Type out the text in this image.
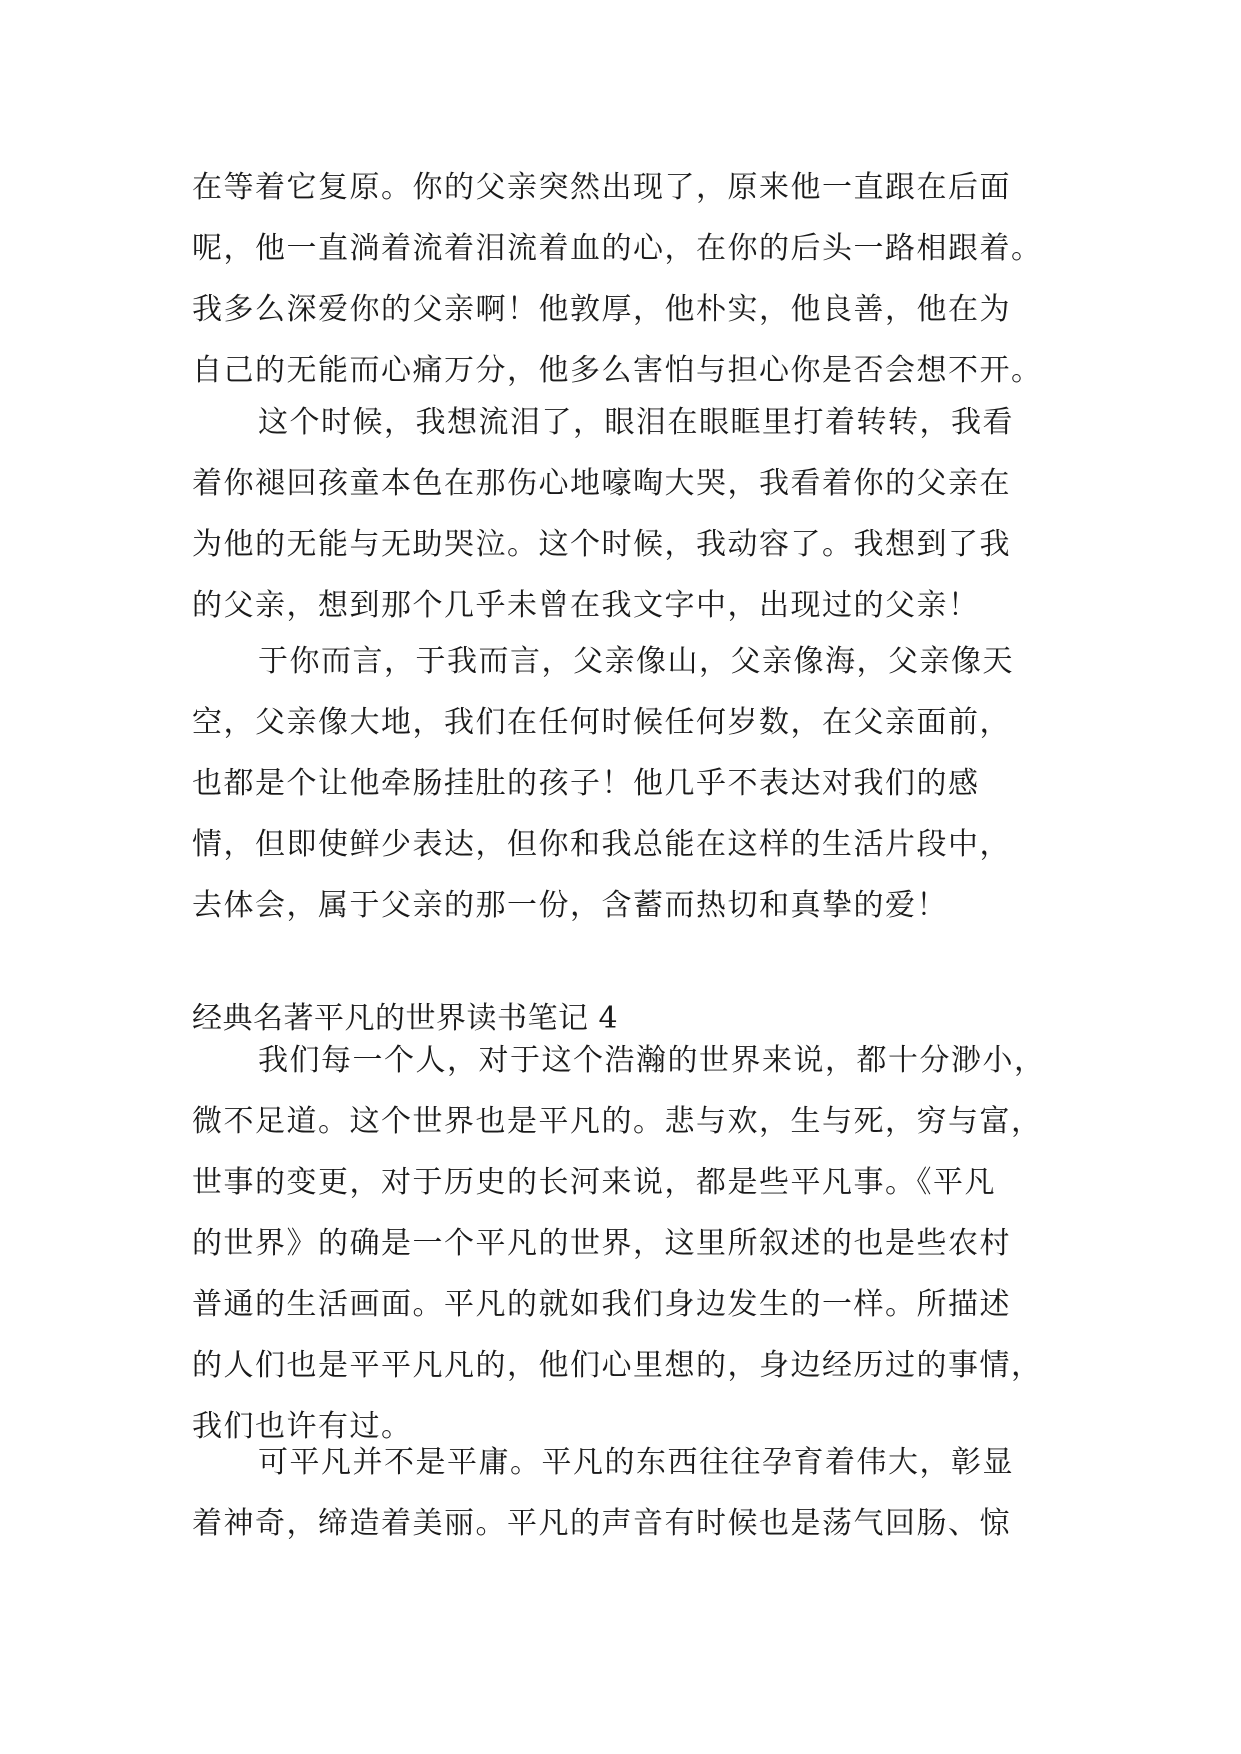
在等着它复原。你的父亲突然出现了，原来他一直跟在后面
呢，他一直淌着流着泪流着血的心，在你的后头一路相跟着。
我多么深爱你的父亲啊！他敦厚，他朴实，他良善，他在为
自己的无能而心痛万分，他多么害怕与担心你是否会想不开。
这个时候，我想流泪了，眼泪在眼眶里打着转转，我看
着你褪回孩童本色在那伤心地嚎啕大哭，我看着你的父亲在
为他的无能与无助哭泣。这个时候，我动容了。我想到了我
的父亲，想到那个几乎未曾在我文字中，出现过的父亲！
于你而言，于我而言，父亲像山，父亲像海，父亲像天
空，父亲像大地，我们在任何时候任何岁数，在父亲面前，
也都是个让他牵肠挂肚的孩子！他几乎不表达对我们的感
情，但即使鲜少表达，但你和我总能在这样的生活片段中，
去体会，属于父亲的那一份，含蓄而热切和真挚的爱！
经典名著平凡的世界读书笔记 4
我们每一个人，对于这个浩瀚的世界来说，都十分渺小，
微不足道。这个世界也是平凡的。悲与欢，生与死，穷与富，
世事的变更，对于历史的长河来说，都是些平凡事。《平凡
的世界》的确是一个平凡的世界，这里所叙述的也是些农村
普通的生活画面。平凡的就如我们身边发生的一样。所描述
的人们也是平平凡凡的，他们心里想的，身边经历过的事情，
我们也许有过。
可平凡并不是平庸。平凡的东西往往孕育着伟大，彰显
着神奇，缔造着美丽。平凡的声音有时候也是荡气回肠、惊
